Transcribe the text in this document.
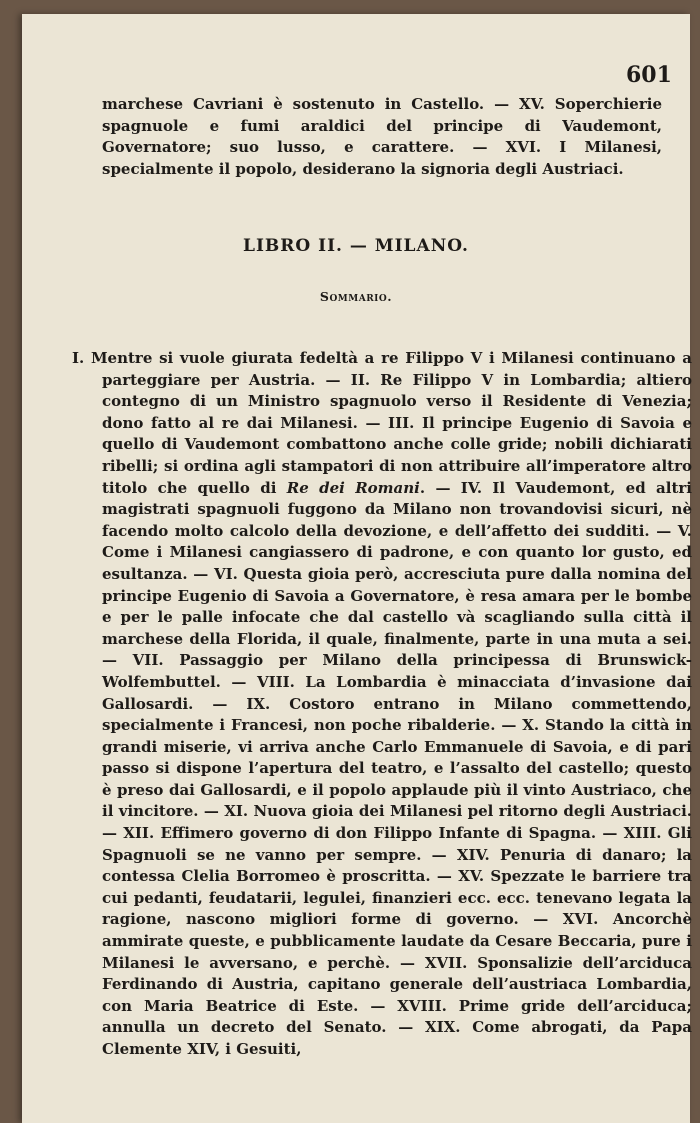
601
marchese Cavriani è sostenuto in Castello. — XV. Soperchierie spagnuole e fumi araldici del principe di Vaudemont, Governatore; suo lusso, e carattere. — XVI. I Milanesi, specialmente il popolo, desiderano la signoria degli Austriaci.
LIBRO II. — MILANO.
Sommario.
I. Mentre si vuole giurata fedeltà a re Filippo V i Milanesi continuano a parteggiare per Austria. — II. Re Filippo V in Lombardia; altiero contegno di un Ministro spagnuolo verso il Residente di Venezia; dono fatto al re dai Milanesi. — III. Il principe Eugenio di Savoia e quello di Vaudemont combattono anche colle gride; nobili dichiarati ribelli; si ordina agli stampatori di non attribuire all’imperatore altro titolo che quello di Re dei Romani. — IV. Il Vaudemont, ed altri magistrati spagnuoli fuggono da Milano non trovandovisi sicuri, nè facendo molto calcolo della devozione, e dell’affetto dei sudditi. — V. Come i Milanesi cangiassero di padrone, e con quanto lor gusto, ed esultanza. — VI. Questa gioia però, accresciuta pure dalla nomina del principe Eugenio di Savoia a Governatore, è resa amara per le bombe e per le palle infocate che dal castello và scagliando sulla città il marchese della Florida, il quale, finalmente, parte in una muta a sei. — VII. Passaggio per Milano della principessa di Brunswick-Wolfembuttel. — VIII. La Lombardia è minacciata d’invasione dai Gallosardi. — IX. Costoro entrano in Milano commettendo, specialmente i Francesi, non poche ribalderie. — X. Stando la città in grandi miserie, vi arriva anche Carlo Emmanuele di Savoia, e di pari passo si dispone l’apertura del teatro, e l’assalto del castello; questo è preso dai Gallosardi, e il popolo applaude più il vinto Austriaco, che il vincitore. — XI. Nuova gioia dei Milanesi pel ritorno degli Austriaci. — XII. Effimero governo di don Filippo Infante di Spagna. — XIII. Gli Spagnuoli se ne vanno per sempre. — XIV. Penuria di danaro; la contessa Clelia Borromeo è proscritta. — XV. Spezzate le barriere tra cui pedanti, feudatarii, legulei, finanzieri ecc. ecc. tenevano legata la ragione, nascono migliori forme di governo. — XVI. Ancorchè ammirate queste, e pubblicamente laudate da Cesare Beccaria, pure i Milanesi le avversano, e perchè. — XVII. Sponsalizie dell’arciduca Ferdinando di Austria, capitano generale dell’austriaca Lombardia, con Maria Beatrice di Este. — XVIII. Prime gride dell’arciduca; annulla un decreto del Senato. — XIX. Come abrogati, da Papa Clemente XIV, i Gesuiti,
